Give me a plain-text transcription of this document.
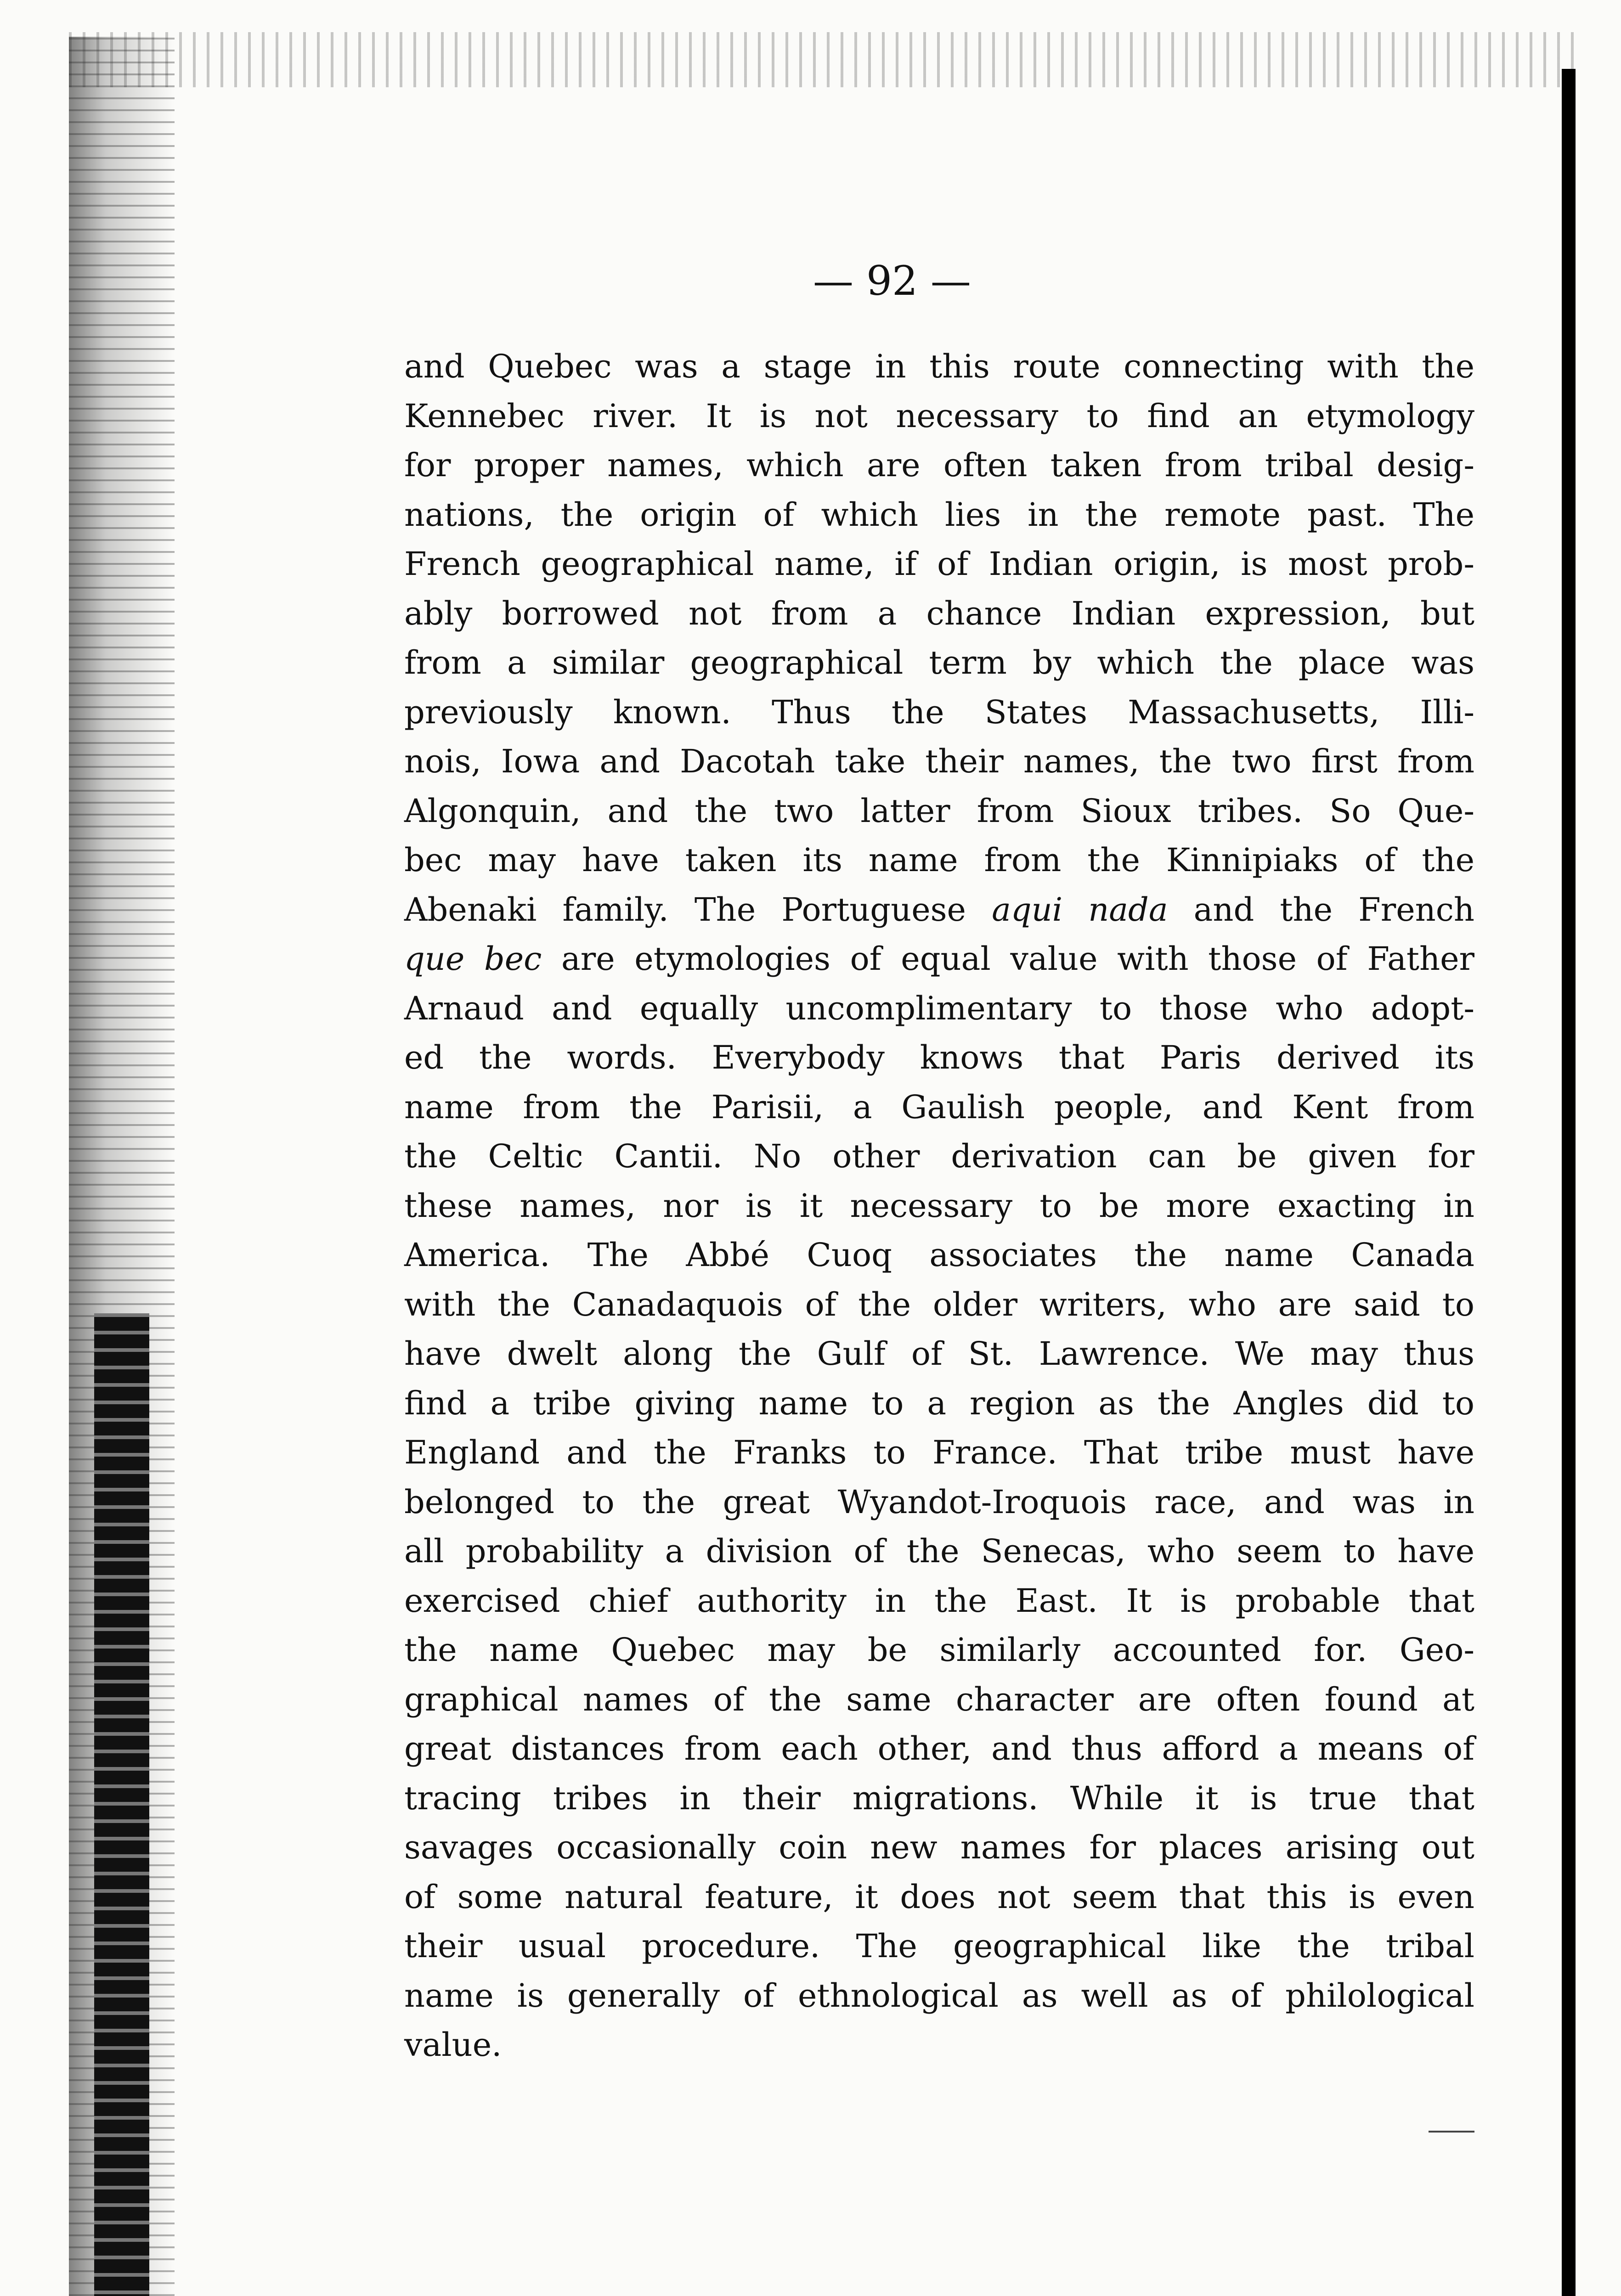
— 92 —
and Quebec was a stage in this route connecting with the
Kennebec river. It is not necessary to find an etymology
for proper names, which are often taken from tribal desig-
nations, the origin of which lies in the remote past. The
French geographical name, if of Indian origin, is most prob-
ably borrowed not from a chance Indian expression, but
from a similar geographical term by which the place was
previously known. Thus the States Massachusetts, Illi-
nois, Iowa and Dacotah take their names, the two first from
Algonquin, and the two latter from Sioux tribes. So Que-
bec may have taken its name from the Kinnipiaks of the
Abenaki family. The Portuguese aqui nada and the French
que bec are etymologies of equal value with those of Father
Arnaud and equally uncomplimentary to those who adopt-
ed the words. Everybody knows that Paris derived its
name from the Parisii, a Gaulish people, and Kent from
the Celtic Cantii. No other derivation can be given for
these names, nor is it necessary to be more exacting in
America. The Abbé Cuoq associates the name Canada
with the Canadaquois of the older writers, who are said to
have dwelt along the Gulf of St. Lawrence. We may thus
find a tribe giving name to a region as the Angles did to
England and the Franks to France. That tribe must have
belonged to the great Wyandot-Iroquois race, and was in
all probability a division of the Senecas, who seem to have
exercised chief authority in the East. It is probable that
the name Quebec may be similarly accounted for. Geo-
graphical names of the same character are often found at
great distances from each other, and thus afford a means of
tracing tribes in their migrations. While it is true that
savages occasionally coin new names for places arising out
of some natural feature, it does not seem that this is even
their usual procedure. The geographical like the tribal
name is generally of ethnological as well as of philological
value.
